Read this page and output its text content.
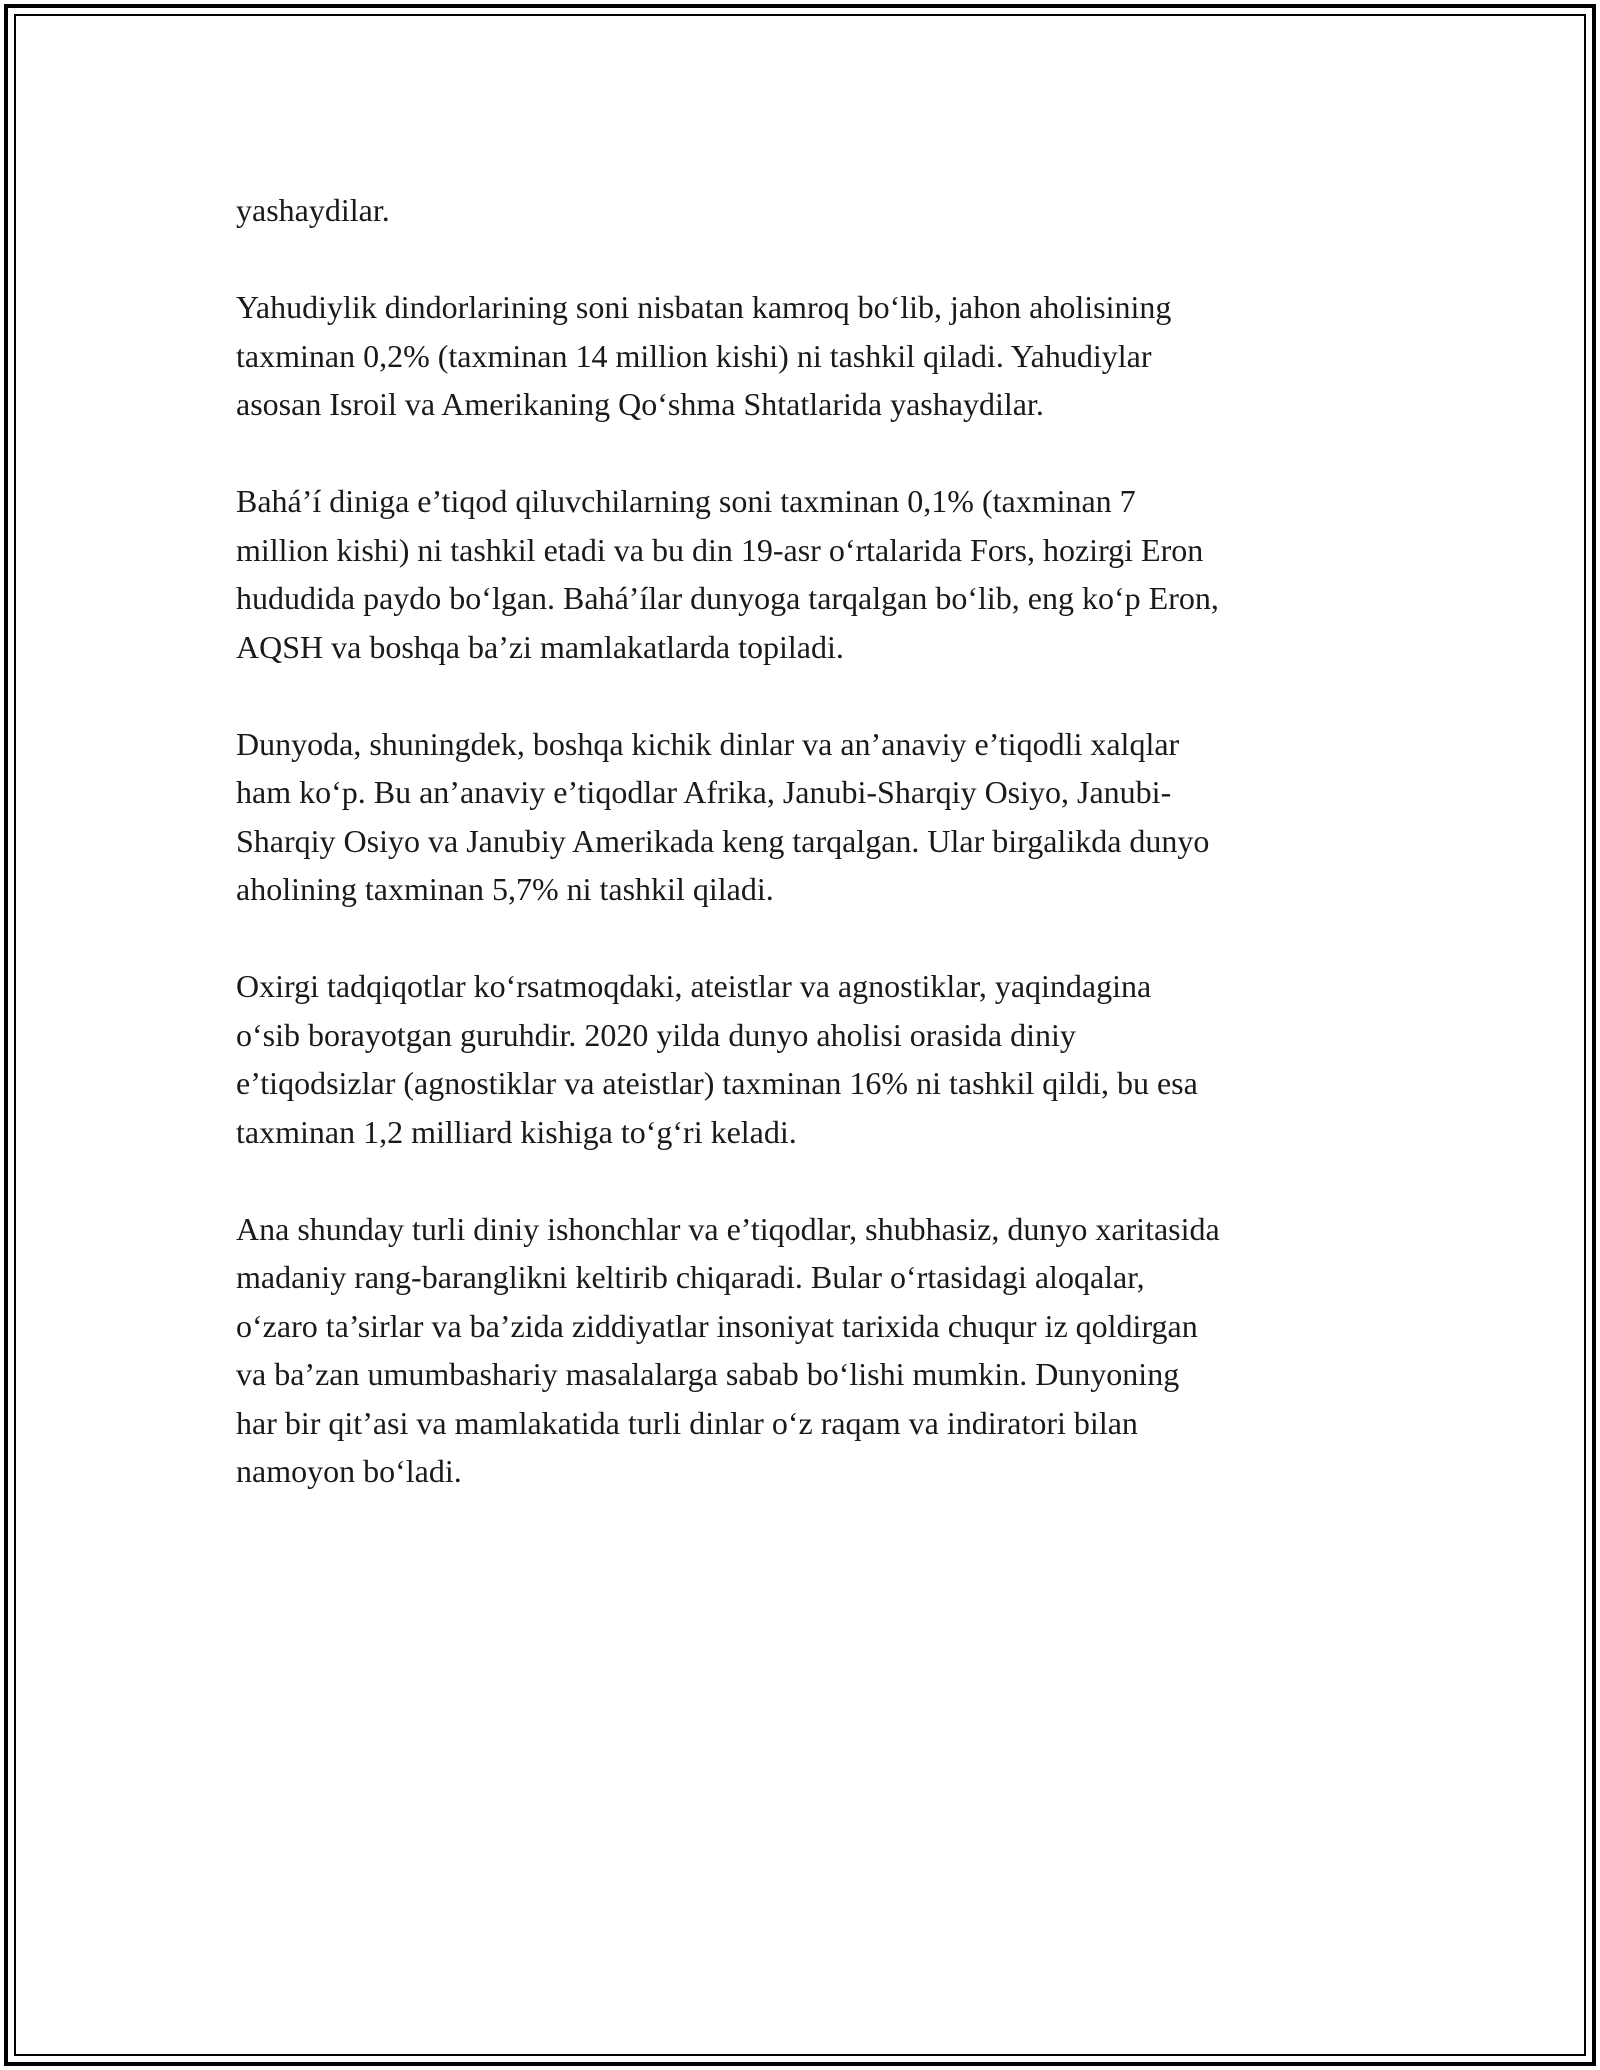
yashaydilar.

Yahudiylik dindorlarining soni nisbatan kamroq bo‘lib, jahon aholisining
taxminan 0,2% (taxminan 14 million kishi) ni tashkil qiladi. Yahudiylar
asosan Isroil va Amerikaning Qo‘shma Shtatlarida yashaydilar.

Bahá’í diniga e’tiqod qiluvchilarning soni taxminan 0,1% (taxminan 7
million kishi) ni tashkil etadi va bu din 19-asr o‘rtalarida Fors, hozirgi Eron
hududida paydo bo‘lgan. Bahá’ílar dunyoga tarqalgan bo‘lib, eng ko‘p Eron,
AQSH va boshqa ba’zi mamlakatlarda topiladi.

Dunyoda, shuningdek, boshqa kichik dinlar va an’anaviy e’tiqodli xalqlar
ham ko‘p. Bu an’anaviy e’tiqodlar Afrika, Janubi-Sharqiy Osiyo, Janubi-
Sharqiy Osiyo va Janubiy Amerikada keng tarqalgan. Ular birgalikda dunyo
aholining taxminan 5,7% ni tashkil qiladi.

Oxirgi tadqiqotlar ko‘rsatmoqdaki, ateistlar va agnostiklar, yaqindagina
o‘sib borayotgan guruhdir. 2020 yilda dunyo aholisi orasida diniy
e’tiqodsizlar (agnostiklar va ateistlar) taxminan 16% ni tashkil qildi, bu esa
taxminan 1,2 milliard kishiga to‘g‘ri keladi.

Ana shunday turli diniy ishonchlar va e’tiqodlar, shubhasiz, dunyo xaritasida
madaniy rang-baranglikni keltirib chiqaradi. Bular o‘rtasidagi aloqalar,
o‘zaro ta’sirlar va ba’zida ziddiyatlar insoniyat tarixida chuqur iz qoldirgan
va ba’zan umumbashariy masalalarga sabab bo‘lishi mumkin. Dunyoning
har bir qit’asi va mamlakatida turli dinlar o‘z raqam va indiratori bilan
namoyon bo‘ladi.
